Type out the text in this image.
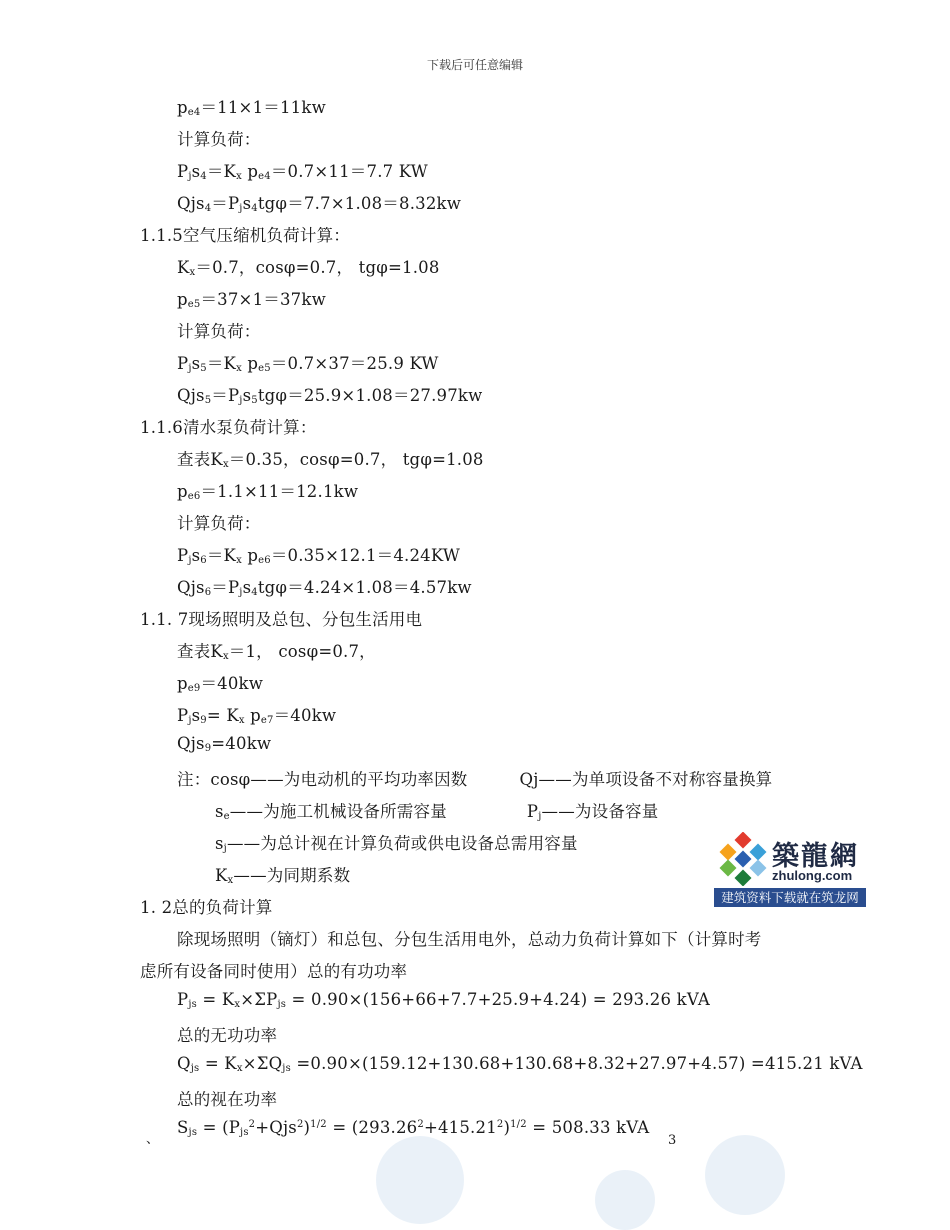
下载后可任意编辑
$p_{e4}=11\times 1=11kw$
计算负荷：
$P_js_4=K_x$ $p_{e4}=0.7\times 11=7.7$ KW
$Qjs_4=P_js_4tg\varphi=7.7\times 1.08=8.32kw$
1.1.5空气压缩机负荷计算：
$K_x=0.7$，cosφ=0.7， tgφ=1.08
$p_{e5}=37\times 1=37kw$
计算负荷：
$P_js_5=K_x$ $p_{e5}=0.7\times 37=25.9$ KW
$Qjs_5=P_js_5tg\varphi=25.9\times 1.08=27.97kw$
1.1.6清水泵负荷计算：
查表$K_x=0.35$，cosφ=0.7， tgφ=1.08
$p_{e6}=1.1\times 11=12.1kw$
计算负荷：
$P_js_6=K_x$ $p_{e6}=0.35\times 12.1=4.24KW$
$Qjs_6=P_js_4tg\varphi=4.24\times 1.08=4.57kw$
1.1. 7现场照明及总包、分包生活用电
查表$K_x=1$， cosφ=0.7，
$p_{e9}=40kw$
$P_js_9= K_x$ $p_{e7}=40kw$
Qjs$_9$=40kw
注：cosφ——为电动机的平均功率因数	Qj——为单项设备不对称容量换算
$s_e——$为施工机械设备所需容量	$P_j——$为设备容量
$s_j——$为总计视在计算负荷或供电设备总需用容量
$K_x——$为同期系数
1. 2总的负荷计算
除现场照明（镝灯）和总包、分包生活用电外，总动力负荷计算如下（计算时考
虑所有设备同时使用）总的有功功率
$P_{js} = K_x\times\Sigma P_{js} = 0.90\times(156+66+7.7+25.9+4.24) = 293.26$ kVA
总的无功功率
$Q_{js} = K_x\times\Sigma Q_{js} =0.90\times(159.12+130.68+130.68+8.32+27.97+4.57) =415.21$ kVA
总的视在功率
$S_{js} = (P_{js}^2+Qjs^2)^{1/2} = (293.26^2+415.21^2)^{1/2} = 508.33$ kVA
、	3
築龍網
zhulong.com
建筑资料下载就在筑龙网
